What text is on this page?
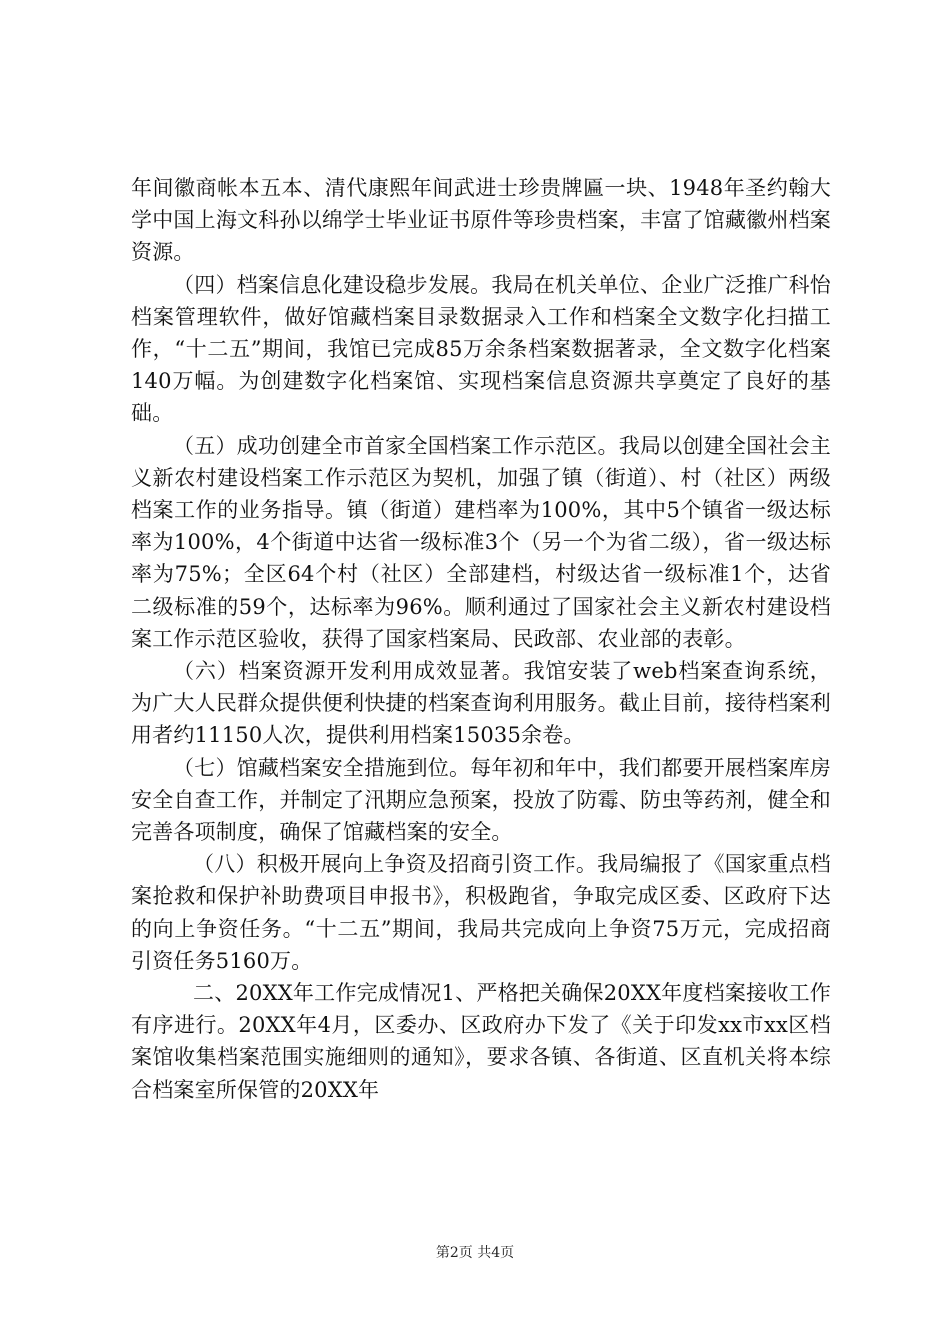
年间徽商帐本五本、清代康熙年间武进士珍贵牌匾一块、1948年圣约翰大学中国上海文科孙以绵学士毕业证书原件等珍贵档案，丰富了馆藏徽州档案资源。

（四）档案信息化建设稳步发展。我局在机关单位、企业广泛推广科怡档案管理软件，做好馆藏档案目录数据录入工作和档案全文数字化扫描工作，“十二五”期间，我馆已完成85万余条档案数据著录，全文数字化档案140万幅。为创建数字化档案馆、实现档案信息资源共享奠定了良好的基础。

（五）成功创建全市首家全国档案工作示范区。我局以创建全国社会主义新农村建设档案工作示范区为契机，加强了镇（街道）、村（社区）两级档案工作的业务指导。镇（街道）建档率为100%，其中5个镇省一级达标率为100%，4个街道中达省一级标准3个（另一个为省二级），省一级达标率为75%；全区64个村（社区）全部建档，村级达省一级标准1个，达省二级标准的59个，达标率为96%。顺利通过了国家社会主义新农村建设档案工作示范区验收，获得了国家档案局、民政部、农业部的表彰。

（六）档案资源开发利用成效显著。我馆安装了web档案查询系统，为广大人民群众提供便利快捷的档案查询利用服务。截止目前，接待档案利用者约11150人次，提供利用档案15035余卷。

（七）馆藏档案安全措施到位。每年初和年中，我们都要开展档案库房安全自查工作，并制定了汛期应急预案，投放了防霉、防虫等药剂，健全和完善各项制度，确保了馆藏档案的安全。

（八）积极开展向上争资及招商引资工作。我局编报了《国家重点档案抢救和保护补助费项目申报书》，积极跑省，争取完成区委、区政府下达的向上争资任务。“十二五”期间，我局共完成向上争资75万元，完成招商引资任务5160万。

二、20XX年工作完成情况1、严格把关确保20XX年度档案接收工作有序进行。20XX年4月，区委办、区政府办下发了《关于印发xx市xx区档案馆收集档案范围实施细则的通知》，要求各镇、各街道、区直机关将本综合档案室所保管的20XX年

第2页 共4页
